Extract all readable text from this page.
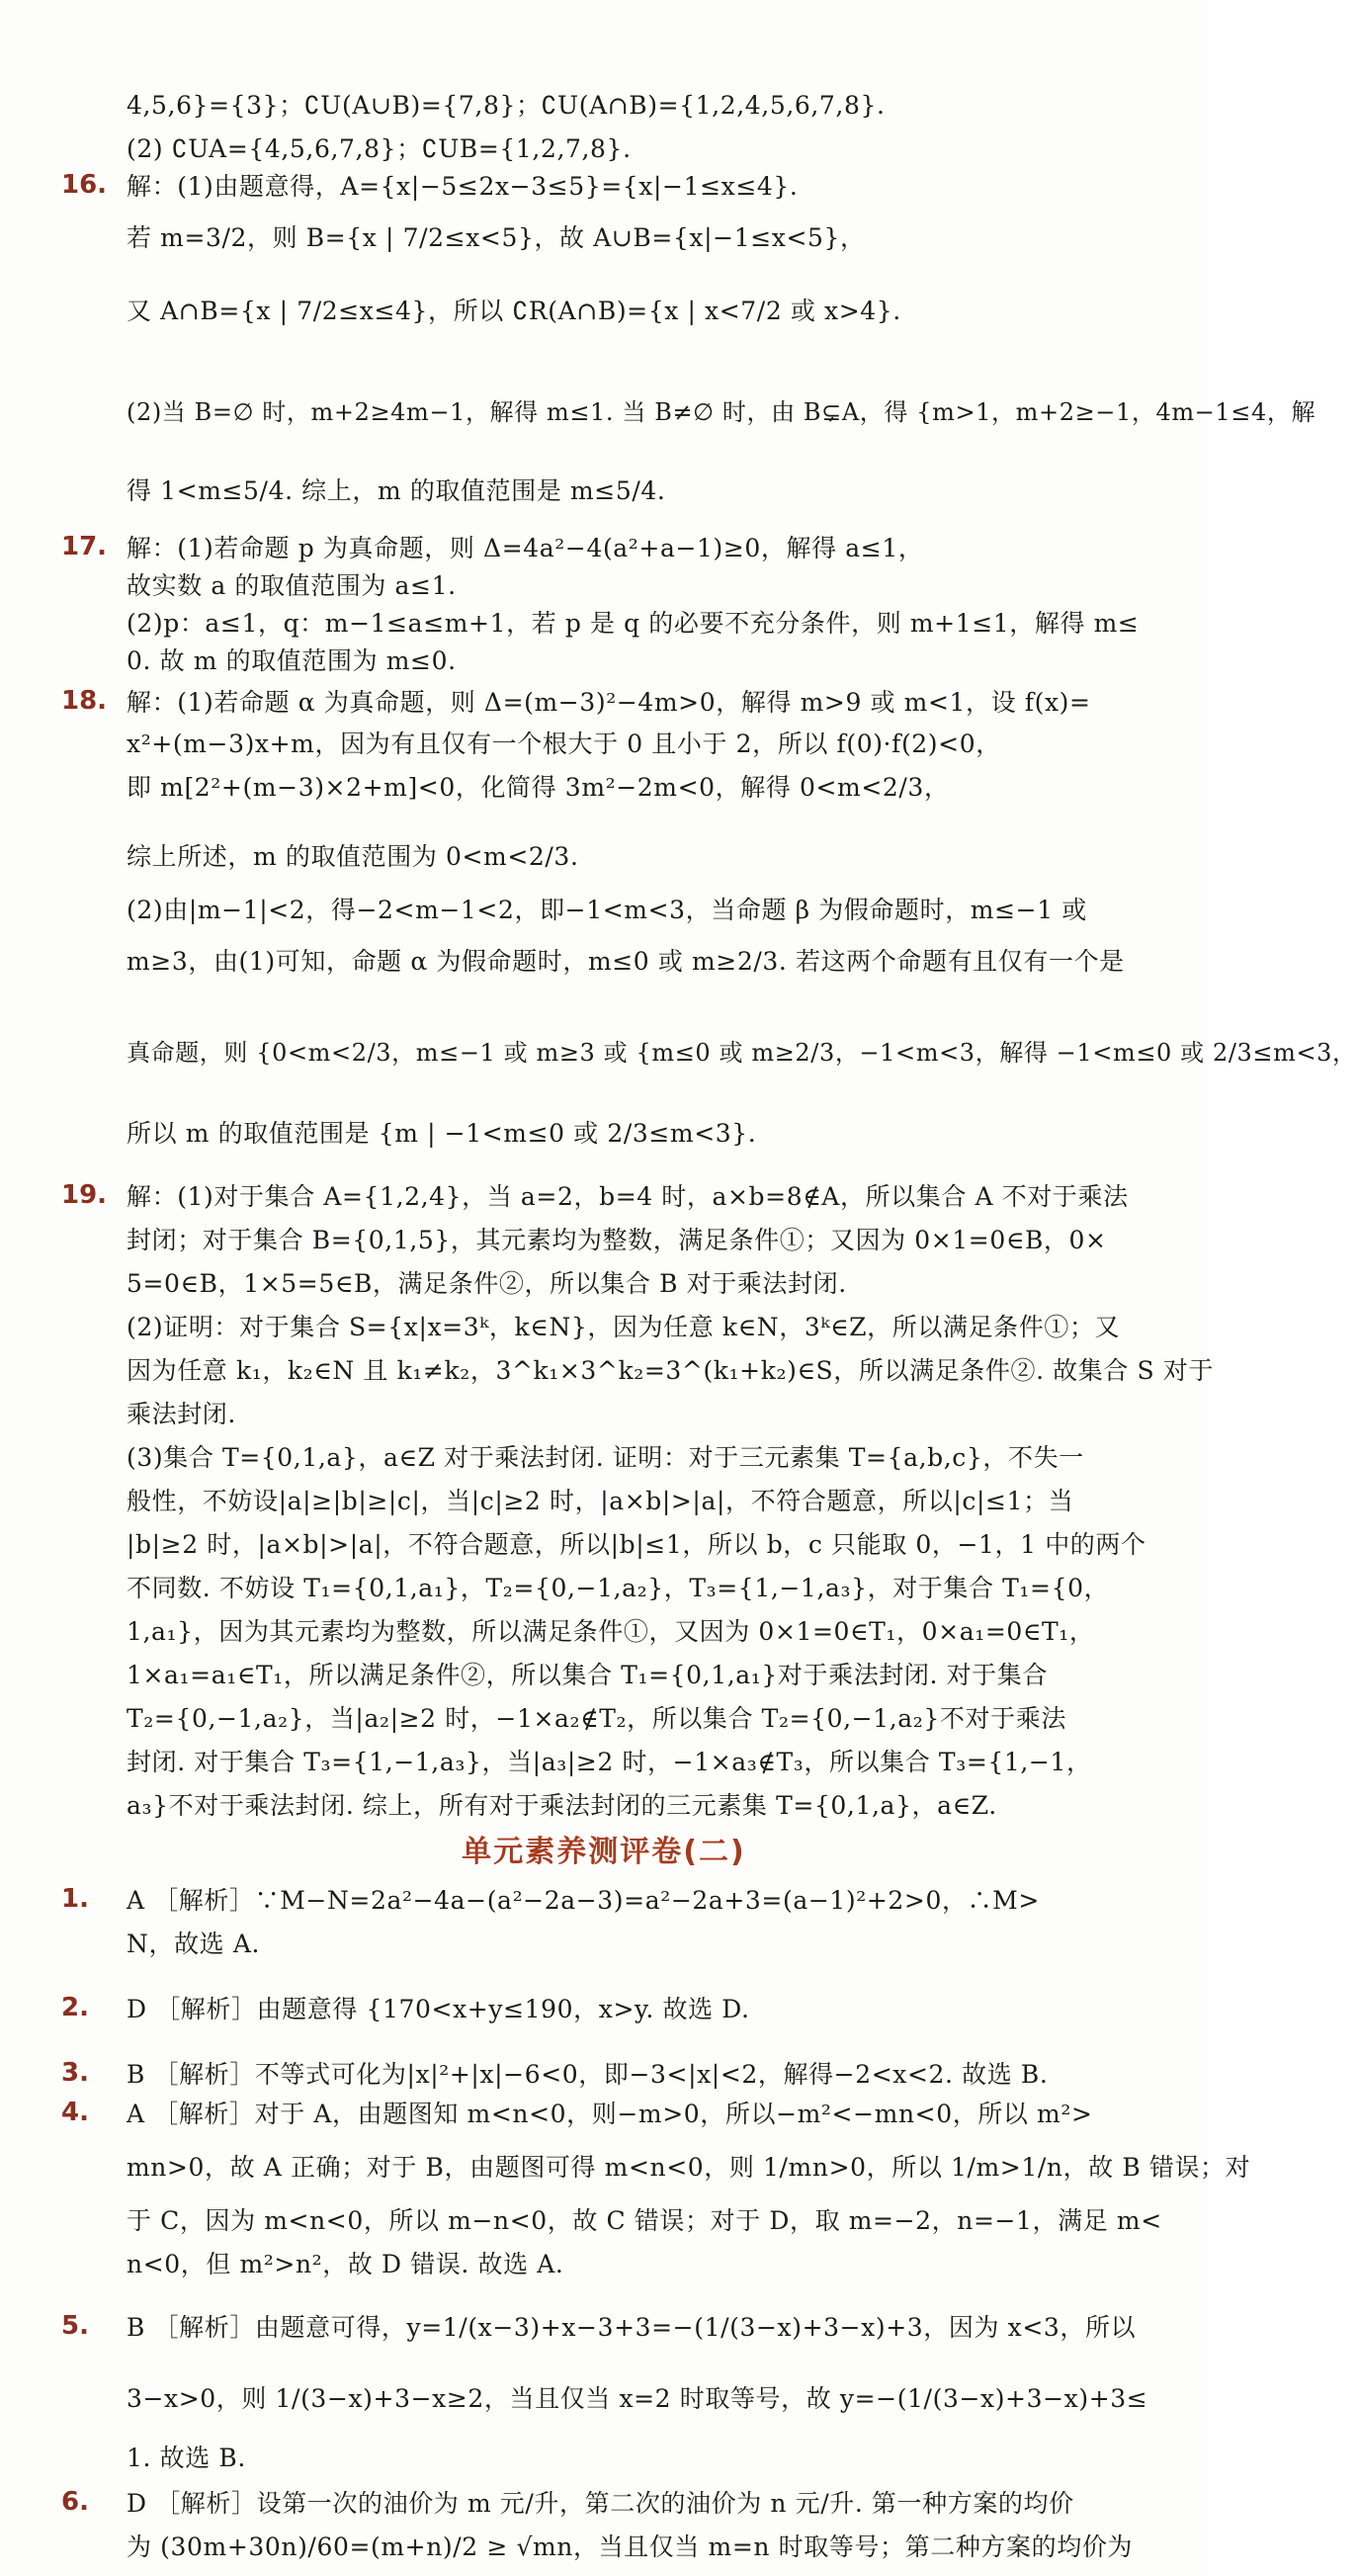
4,5,6}={3}；∁U(A∪B)={7,8}；∁U(A∩B)={1,2,4,5,6,7,8}.
(2) ∁UA={4,5,6,7,8}；∁UB={1,2,7,8}.
16. 解：(1)由题意得，A={x|−5≤2x−3≤5}={x|−1≤x≤4}.
若 m=3/2，则 B={x | 7/2≤x<5}，故 A∪B={x|−1≤x<5}，
又 A∩B={x | 7/2≤x≤4}，所以 ∁R(A∩B)={x | x<7/2 或 x>4}.
(2)当 B=∅ 时，m+2≥4m−1，解得 m≤1. 当 B≠∅ 时，由 B⊊A，得 {m>1，m+2≥−1，4m−1≤4，解
得 1<m≤5/4. 综上，m 的取值范围是 m≤5/4.
17. 解：(1)若命题 p 为真命题，则 Δ=4a²−4(a²+a−1)≥0，解得 a≤1，
故实数 a 的取值范围为 a≤1.
(2)p：a≤1，q：m−1≤a≤m+1，若 p 是 q 的必要不充分条件，则 m+1≤1，解得 m≤
0. 故 m 的取值范围为 m≤0.
18. 解：(1)若命题 α 为真命题，则 Δ=(m−3)²−4m>0，解得 m>9 或 m<1，设 f(x)=
x²+(m−3)x+m，因为有且仅有一个根大于 0 且小于 2，所以 f(0)·f(2)<0，
即 m[2²+(m−3)×2+m]<0，化简得 3m²−2m<0，解得 0<m<2/3，
综上所述，m 的取值范围为 0<m<2/3.
(2)由|m−1|<2，得−2<m−1<2，即−1<m<3，当命题 β 为假命题时，m≤−1 或
m≥3，由(1)可知，命题 α 为假命题时，m≤0 或 m≥2/3. 若这两个命题有且仅有一个是
真命题，则 {0<m<2/3，m≤−1 或 m≥3 或 {m≤0 或 m≥2/3，−1<m<3，解得 −1<m≤0 或 2/3≤m<3，
所以 m 的取值范围是 {m | −1<m≤0 或 2/3≤m<3}.
19. 解：(1)对于集合 A={1,2,4}，当 a=2，b=4 时，a×b=8∉A，所以集合 A 不对于乘法
封闭；对于集合 B={0,1,5}，其元素均为整数，满足条件①；又因为 0×1=0∈B，0×
5=0∈B，1×5=5∈B，满足条件②，所以集合 B 对于乘法封闭.
(2)证明：对于集合 S={x|x=3ᵏ，k∈N}，因为任意 k∈N，3ᵏ∈Z，所以满足条件①；又
因为任意 k₁，k₂∈N 且 k₁≠k₂，3^k₁×3^k₂=3^(k₁+k₂)∈S，所以满足条件②. 故集合 S 对于
乘法封闭.
(3)集合 T={0,1,a}，a∈Z 对于乘法封闭. 证明：对于三元素集 T={a,b,c}，不失一
般性，不妨设|a|≥|b|≥|c|，当|c|≥2 时，|a×b|>|a|，不符合题意，所以|c|≤1；当
|b|≥2 时，|a×b|>|a|，不符合题意，所以|b|≤1，所以 b，c 只能取 0，−1，1 中的两个
不同数. 不妨设 T₁={0,1,a₁}，T₂={0,−1,a₂}，T₃={1,−1,a₃}，对于集合 T₁={0，
1,a₁}，因为其元素均为整数，所以满足条件①，又因为 0×1=0∈T₁，0×a₁=0∈T₁，
1×a₁=a₁∈T₁，所以满足条件②，所以集合 T₁={0,1,a₁}对于乘法封闭. 对于集合
T₂={0,−1,a₂}，当|a₂|≥2 时，−1×a₂∉T₂，所以集合 T₂={0,−1,a₂}不对于乘法
封闭. 对于集合 T₃={1,−1,a₃}，当|a₃|≥2 时，−1×a₃∉T₃，所以集合 T₃={1,−1，
a₃}不对于乘法封闭. 综上，所有对于乘法封闭的三元素集 T={0,1,a}，a∈Z.
单元素养测评卷(二)
1. A ［解析］∵M−N=2a²−4a−(a²−2a−3)=a²−2a+3=(a−1)²+2>0，∴M>
N，故选 A.
2. D ［解析］由题意得 {170<x+y≤190，x>y. 故选 D.
3. B ［解析］不等式可化为|x|²+|x|−6<0，即−3<|x|<2，解得−2<x<2. 故选 B.
4. A ［解析］对于 A，由题图知 m<n<0，则−m>0，所以−m²<−mn<0，所以 m²>
mn>0，故 A 正确；对于 B，由题图可得 m<n<0，则 1/mn>0，所以 1/m>1/n，故 B 错误；对
于 C，因为 m<n<0，所以 m−n<0，故 C 错误；对于 D，取 m=−2，n=−1，满足 m<
n<0，但 m²>n²，故 D 错误. 故选 A.
5. B ［解析］由题意可得，y=1/(x−3)+x−3+3=−(1/(3−x)+3−x)+3，因为 x<3，所以
3−x>0，则 1/(3−x)+3−x≥2，当且仅当 x=2 时取等号，故 y=−(1/(3−x)+3−x)+3≤
1. 故选 B.
6. D ［解析］设第一次的油价为 m 元/升，第二次的油价为 n 元/升. 第一种方案的均价
为 (30m+30n)/60=(m+n)/2 ≥ √mn，当且仅当 m=n 时取等号；第二种方案的均价为
